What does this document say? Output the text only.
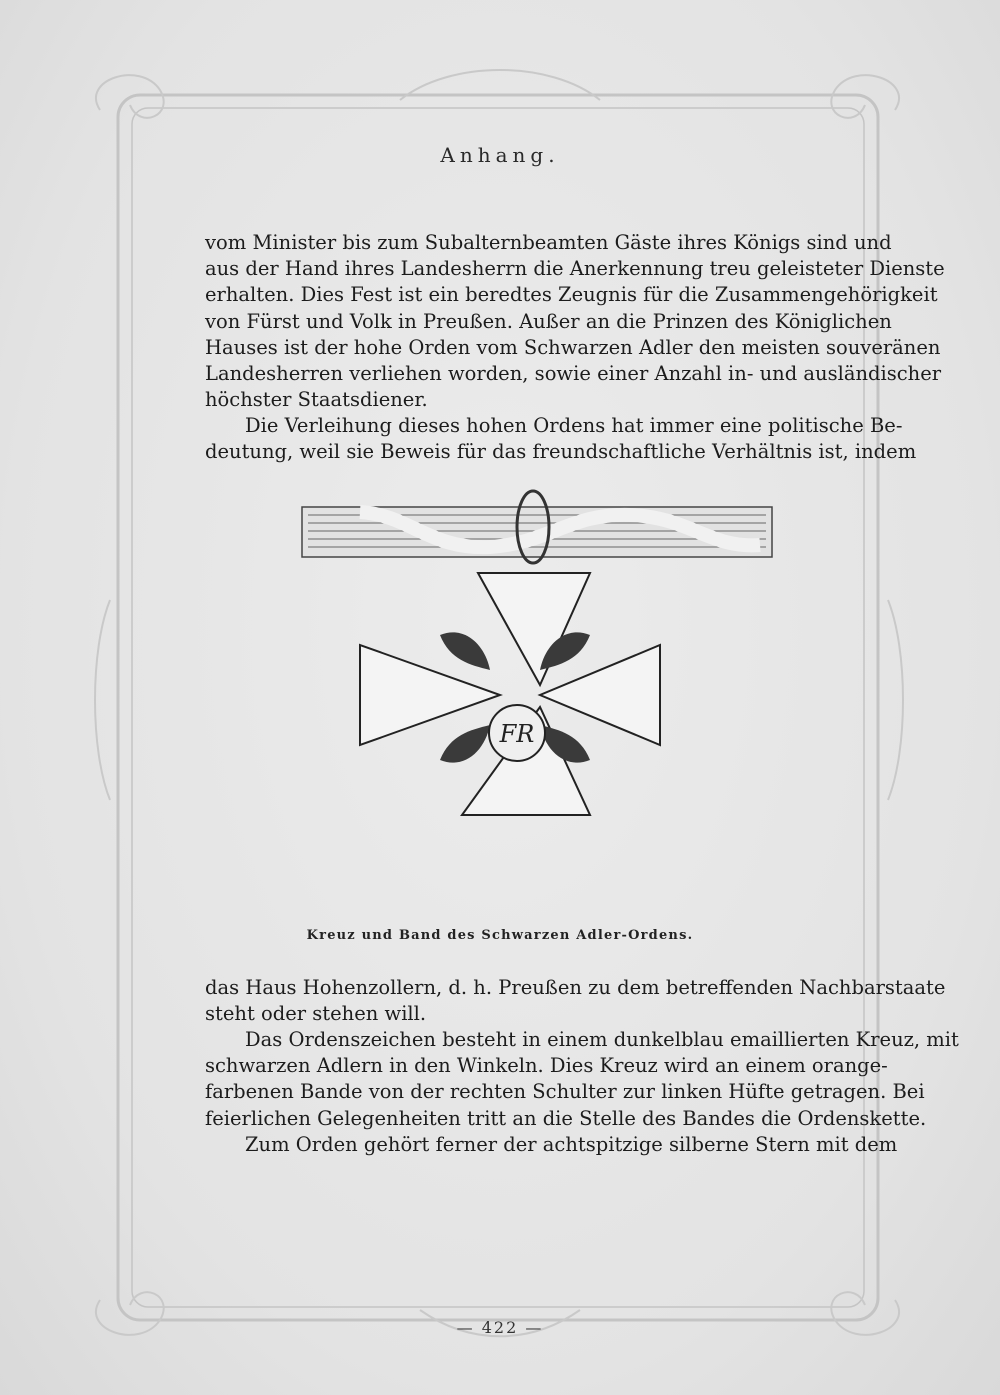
Anhang.
vom Minister bis zum Subalternbeamten Gäste ihres Königs sind und
aus der Hand ihres Landesherrn die Anerkennung treu geleisteter Dienste
erhalten. Dies Fest ist ein beredtes Zeugnis für die Zusammengehörigkeit
von Fürst und Volk in Preußen. Außer an die Prinzen des Königlichen
Hauses ist der hohe Orden vom Schwarzen Adler den meisten souveränen
Landesherren verliehen worden, sowie einer Anzahl in- und ausländischer
höchster Staatsdiener.
Die Verleihung dieses hohen Ordens hat immer eine politische Be-
deutung, weil sie Beweis für das freundschaftliche Verhältnis ist, indem
FR
Kreuz und Band des Schwarzen Adler-Ordens.
das Haus Hohenzollern, d. h. Preußen zu dem betreffenden Nachbarstaate
steht oder stehen will.
Das Ordenszeichen besteht in einem dunkelblau emaillierten Kreuz, mit
schwarzen Adlern in den Winkeln. Dies Kreuz wird an einem orange-
farbenen Bande von der rechten Schulter zur linken Hüfte getragen. Bei
feierlichen Gelegenheiten tritt an die Stelle des Bandes die Ordenskette.
Zum Orden gehört ferner der achtspitzige silberne Stern mit dem
— 422 —
